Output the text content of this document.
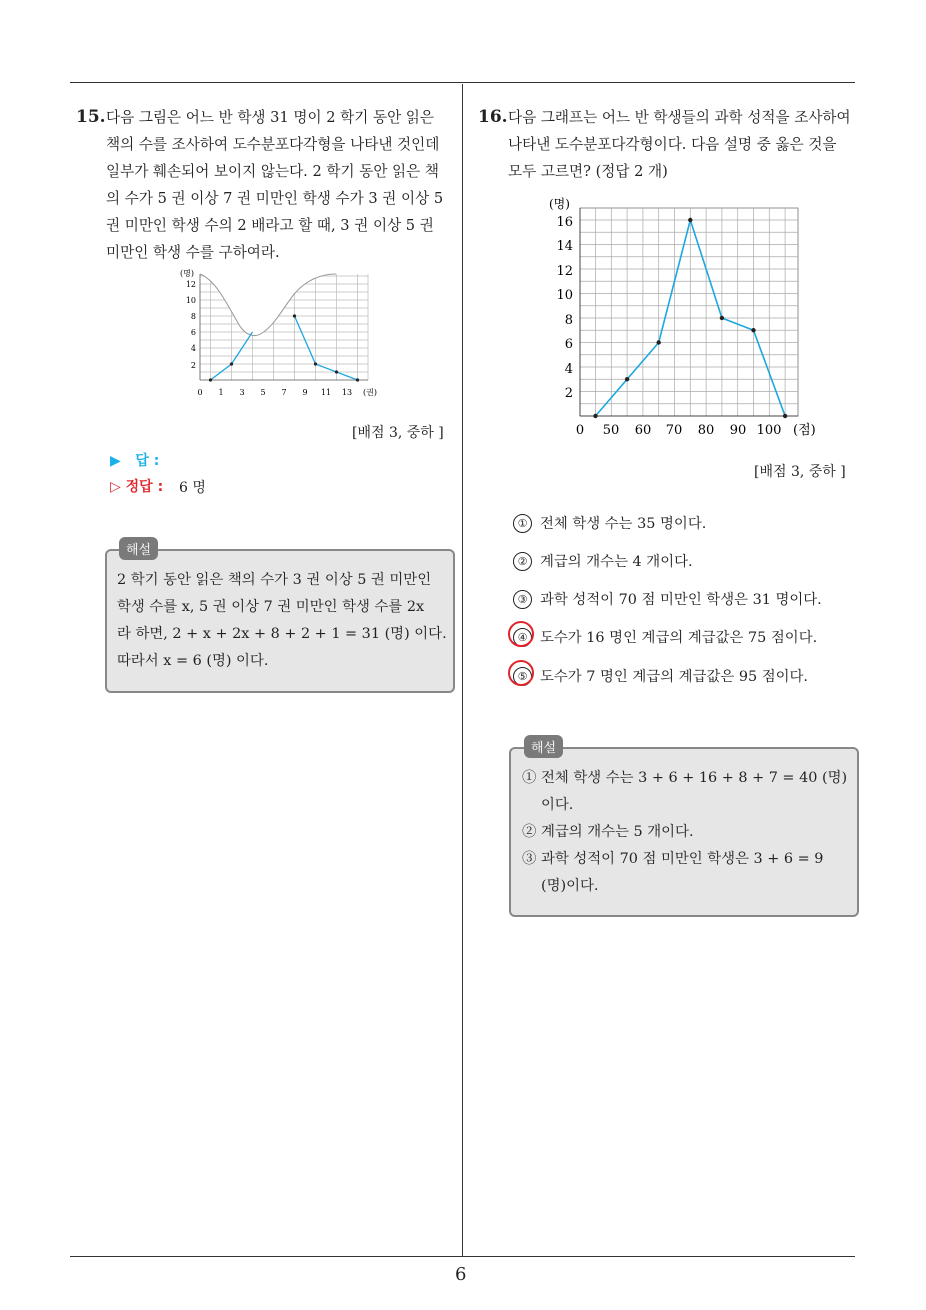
15. 다음 그림은 어느 반 학생 31 명이 2 학기 동안 읽은
책의 수를 조사하여 도수분포다각형을 나타낸 것인데
일부가 훼손되어 보이지 않는다. 2 학기 동안 읽은 책
의 수가 5 권 이상 7 권 미만인 학생 수가 3 권 이상 5
권 미만인 학생 수의 2 배라고 할 때, 3 권 이상 5 권
미만인 학생 수를 구하여라.
(명)
12
10
8
6
4
2
0 1 3 5 7 9 11 13 (권)
[배점 3, 중하 ]
▶ 답 :
▷ 정답 : 6 명
해설
2 학기 동안 읽은 책의 수가 3 권 이상 5 권 미만인
학생 수를 x, 5 권 이상 7 권 미만인 학생 수를 2x
라 하면, 2 + x + 2x + 8 + 2 + 1 = 31 (명) 이다.
따라서 x = 6 (명) 이다.
16. 다음 그래프는 어느 반 학생들의 과학 성적을 조사하여
나타낸 도수분포다각형이다. 다음 설명 중 옳은 것을
모두 고르면? (정답 2 개)
(명)
16
14
12
10
8
6
4
2
0 50 60 70 80 90 100 (점)
[배점 3, 중하 ]
① 전체 학생 수는 35 명이다.
② 계급의 개수는 4 개이다.
③ 과학 성적이 70 점 미만인 학생은 31 명이다.
④ 도수가 16 명인 계급의 계급값은 75 점이다.
⑤ 도수가 7 명인 계급의 계급값은 95 점이다.
해설
① 전체 학생 수는 3 + 6 + 16 + 8 + 7 = 40 (명)
이다.
② 계급의 개수는 5 개이다.
③ 과학 성적이 70 점 미만인 학생은 3 + 6 = 9
(명)이다.
6
